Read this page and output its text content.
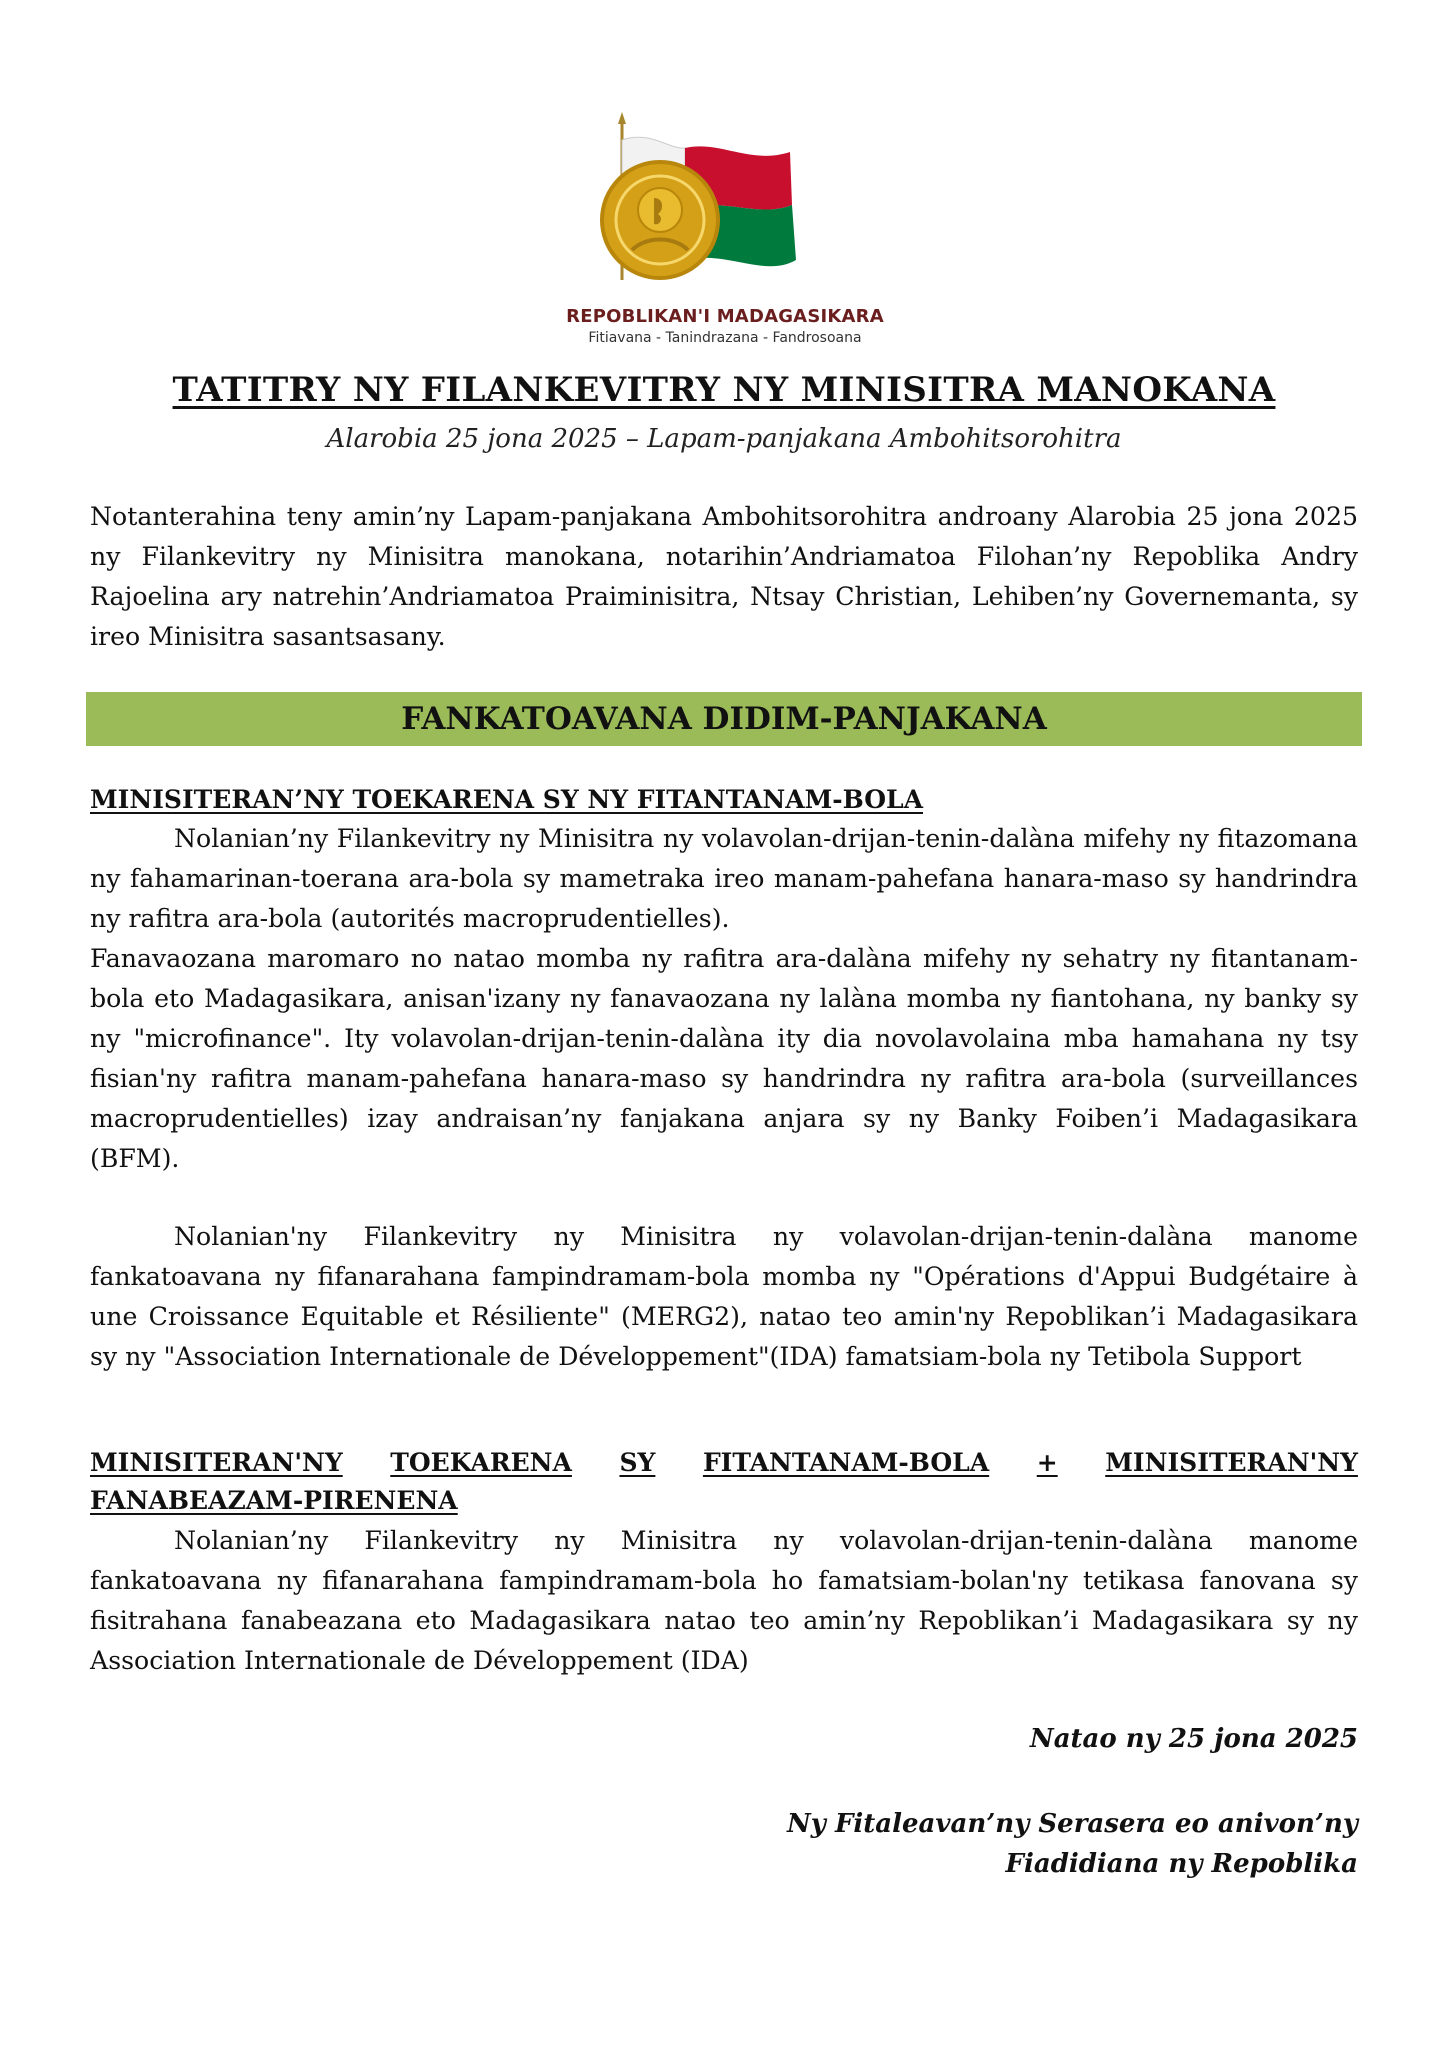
REPOBLIKAN'I MADAGASIKARA
Fitiavana - Tanindrazana - Fandrosoana
TATITRY NY FILANKEVITRY NY MINISITRA MANOKANA
Alarobia 25 jona 2025 – Lapam-panjakana Ambohitsorohitra
Notanterahina teny amin’ny Lapam-panjakana Ambohitsorohitra androany Alarobia 25 jona 2025 ny Filankevitry ny Minisitra manokana, notarihin’Andriamatoa Filohan’ny Repoblika Andry Rajoelina ary natrehin’Andriamatoa Praiminisitra, Ntsay Christian, Lehiben’ny Governemanta, sy ireo Minisitra sasantsasany.
FANKATOAVANA DIDIM-PANJAKANA
MINISITERAN’NY TOEKARENA SY NY FITANTANAM-BOLA
Nolanian’ny Filankevitry ny Minisitra ny volavolan-drijan-tenin-dalàna mifehy ny fitazomana ny fahamarinan-toerana ara-bola sy mametraka ireo manam-pahefana hanara-maso sy handrindra ny rafitra ara-bola (autorités macroprudentielles).
Fanavaozana maromaro no natao momba ny rafitra ara-dalàna mifehy ny sehatry ny fitantanam-bola eto Madagasikara, anisan'izany ny fanavaozana ny lalàna momba ny fiantohana, ny banky sy ny "microfinance". Ity volavolan-drijan-tenin-dalàna ity dia novolavolaina mba hamahana ny tsy fisian'ny rafitra manam-pahefana hanara-maso sy handrindra ny rafitra ara-bola (surveillances macroprudentielles) izay andraisan’ny fanjakana anjara sy ny Banky Foiben’i Madagasikara (BFM).
Nolanian'ny Filankevitry ny Minisitra ny volavolan-drijan-tenin-dalàna manome fankatoavana ny fifanarahana fampindramam-bola momba ny "Opérations d'Appui Budgétaire à une Croissance Equitable et Résiliente" (MERG2), natao teo amin'ny Repoblikan’i Madagasikara sy ny "Association Internationale de Développement"(IDA) famatsiam-bola ny Tetibola Support
MINISITERAN'NY TOEKARENA SY FITANTANAM-BOLA + MINISITERAN'NY
FANABEAZAM-PIRENENA
Nolanian’ny Filankevitry ny Minisitra ny volavolan-drijan-tenin-dalàna manome fankatoavana ny fifanarahana fampindramam-bola ho famatsiam-bolan'ny tetikasa fanovana sy fisitrahana fanabeazana eto Madagasikara natao teo amin’ny Repoblikan’i Madagasikara sy ny Association Internationale de Développement (IDA)
Natao ny 25 jona 2025
Ny Fitaleavan’ny Serasera eo anivon’ny
Fiadidiana ny Repoblika
